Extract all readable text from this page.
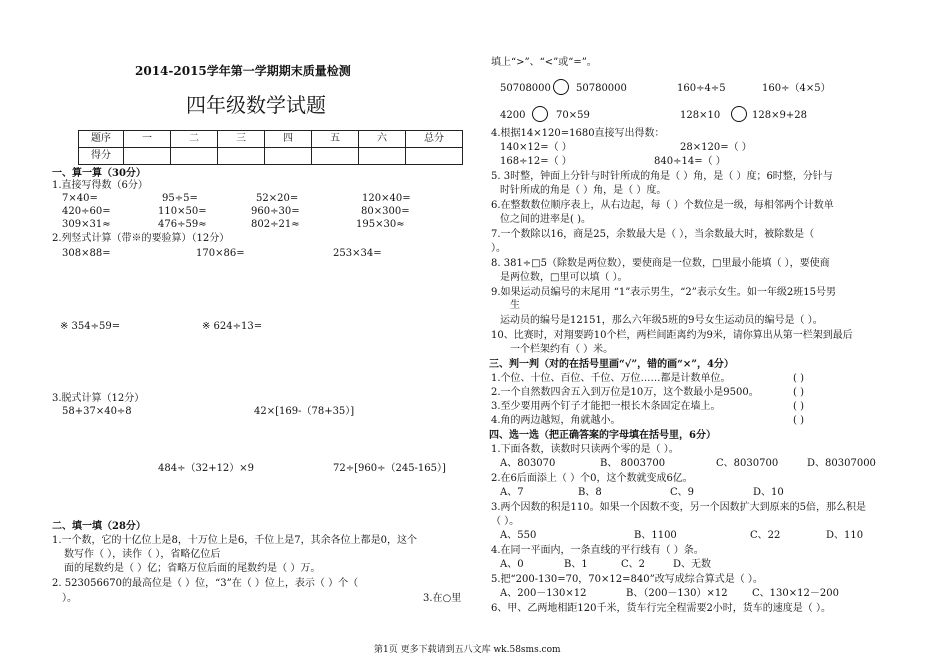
2014-2015学年第一学期期末质量检测
四年级数学试题
题序	一	二	三	四	五	六	总分
得分							
一、算一算（30分）
1.直接写得数（6分）
7×40=	95÷5=	52×20=	120×40=
420÷60=	110×50=	960÷30=	80×300=
309×31≈	476÷59≈	802÷21≈	195×30≈
2.列竖式计算（带※的要验算）（12分）
308×88=	170×86=	253×34=
※ 354÷59=	※ 624÷13=
3.脱式计算（12分）
58+37×40÷8	42×[169-（78+35）]
484÷（32+12）×9	72÷[960÷（245-165）]
二、填一填（28分）
1.一个数，它的十亿位上是8，十万位上是6，千位上是7，其余各位上都是0，这个
数写作（ ），读作（ ），省略亿位后
面的尾数约是（ ）亿；省略万位后面的尾数约是（ ）万。
2. 523056670的最高位是（ ）位，“3”在（ ）位上，表示（ ）个（
）。	3.在○里
填上“>”、“<”或“=”。
50708000	50780000	160÷4÷5	160÷（4×5）
4200	70×59	128×10	128×9+28
4.根据14×120=1680直接写出得数：
140×12=（ ）	28×120=（ ）
168÷12=（ ）	840÷14=（ ）
5. 3时整，钟面上分针与时针所成的角是（ ）角，是（ ）度；6时整，分针与
时针所成的角是（ ）角，是（ ）度。
6.在整数数位顺序表上，从右边起，每（ ）个数位是一级，每相邻两个计数单
位之间的进率是( )。
7.一个数除以16，商是25，余数最大是（ ），当余数最大时，被除数是（
）。
8. 381÷□5（除数是两位数），要使商是一位数，□里最小能填（ ），要使商
是两位数，□里可以填（ ）。
9.如果运动员编号的末尾用 “1”表示男生，“2”表示女生。如一年级2班15号男
生
运动员的编号是12151，那么六年级5班的9号女生运动员的编号是（ ）。
10、比赛时，对翔要跨10个栏，两栏间距离约为9米，请你算出从第一栏架到最后
一个栏架约有（ ）米。
三、判一判（对的在括号里画“√”，错的画“×”，4分）
1.个位、十位、百位、千位、万位……都是计数单位。	( )
2.一个自然数四舍五入到万位是10万，这个数最小是9500。	( )
3.至少要用两个钉子才能把一根长木条固定在墙上。	( )
4.角的两边越短，角就越小。	( )
四、选一选（把正确答案的字母填在括号里，6分）
1.下面各数，读数时只读两个零的是（ ）。
A、803070	B、 8003700	C、8030700	D、80307000
2.在6后面添上（ ）个0，这个数就变成6亿。
A、7	B、8	C、9	D、10
3.两个因数的积是110。如果一个因数不变，另一个因数扩大到原来的5倍，那么积是
（ ）。
A、550	B、1100	C、22	D、110
4.在同一平面内，一条直线的平行线有（ ）条。
A、0	B、1	C、2	D、无数
5.把“200-130=70，70×12=840”改写成综合算式是（ ）。
A、200－130×12	B、（200－130）×12 C、130×12－200
6、甲、乙两地相距120千米，货车行完全程需要2小时，货车的速度是（ ）。
第1页 更多下载请到五八文库 wk.58sms.com
